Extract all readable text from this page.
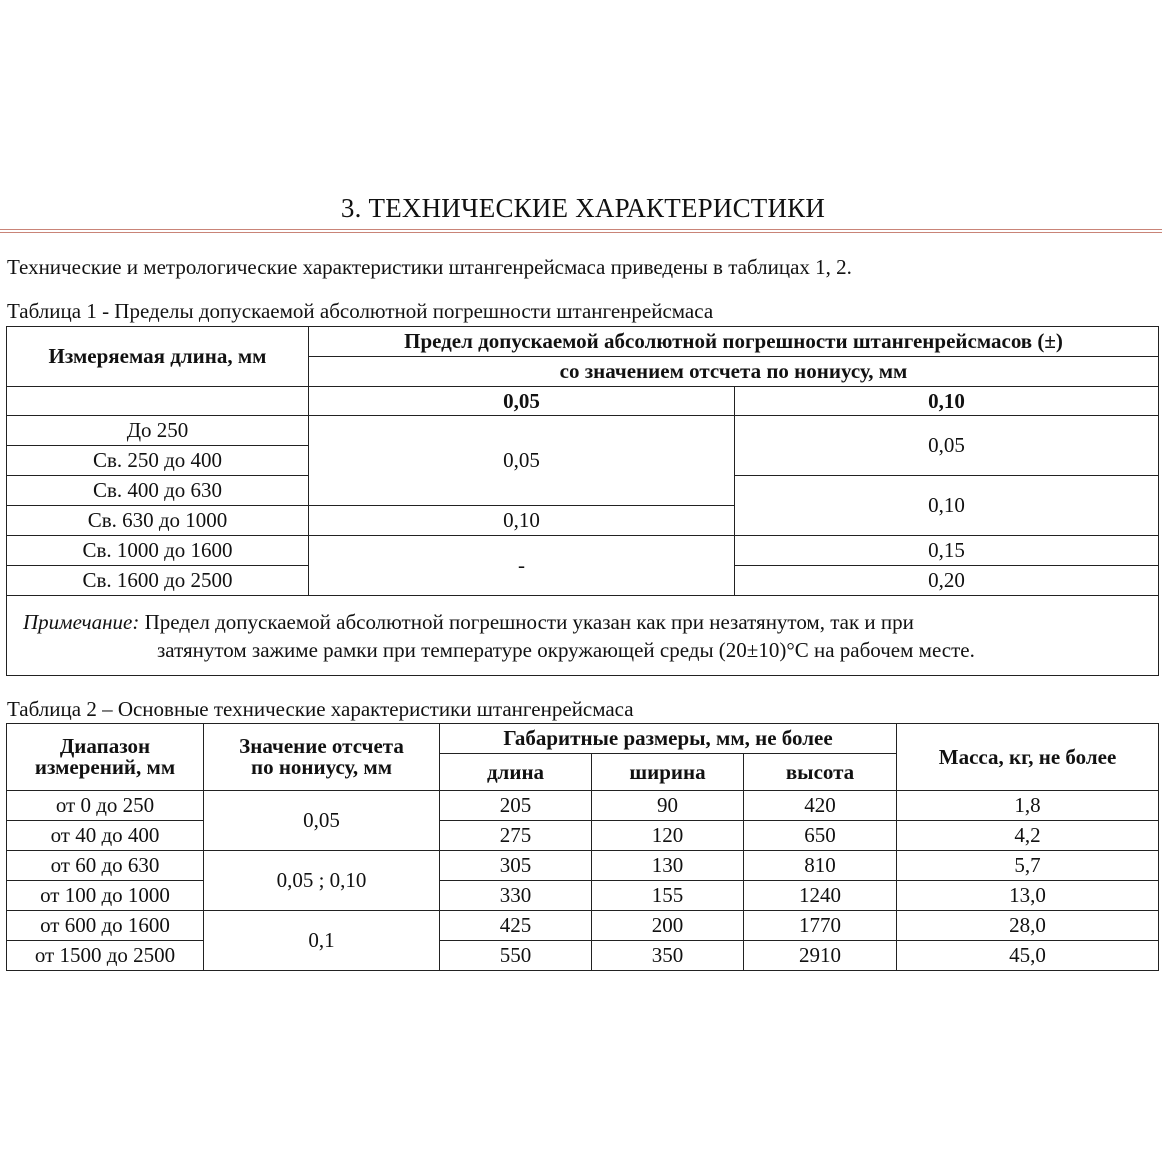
3. ТЕХНИЧЕСКИЕ ХАРАКТЕРИСТИКИ
Технические и метрологические характеристики штангенрейсмаса приведены в таблицах 1, 2.
Таблица 1 - Пределы допускаемой абсолютной погрешности штангенрейсмаса
Измеряемая длина, мм	Предел допускаемой абсолютной погрешности штангенрейсмасов (±)	
	со значением отсчета по нониусу, мм	
	0,05	0,10
До 250	0,05	0,05
Св. 250 до 400		
Св. 400 до 630		0,10
Св. 630 до 1000	0,10	
Св. 1000 до 1600	-	0,15
Св. 1600 до 2500		0,20
Примечание: Предел допускаемой абсолютной погрешности указан как при незатянутом, так и при
затянутом зажиме рамки при температуре окружающей среды (20±10)°С на рабочем месте.		
Таблица 2 – Основные технические характеристики штангенрейсмаса
Диапазон
измерений, мм	Значение отсчета
по нониусу, мм	Габаритные размеры, мм, не более			Масса, кг, не более
		длина	ширина	высота	
от 0 до 250	0,05	205	90	420	1,8
от 40 до 400		275	120	650	4,2
от 60 до 630	0,05 ; 0,10	305	130	810	5,7
от 100 до 1000		330	155	1240	13,0
от 600 до 1600	0,1	425	200	1770	28,0
от 1500 до 2500		550	350	2910	45,0
